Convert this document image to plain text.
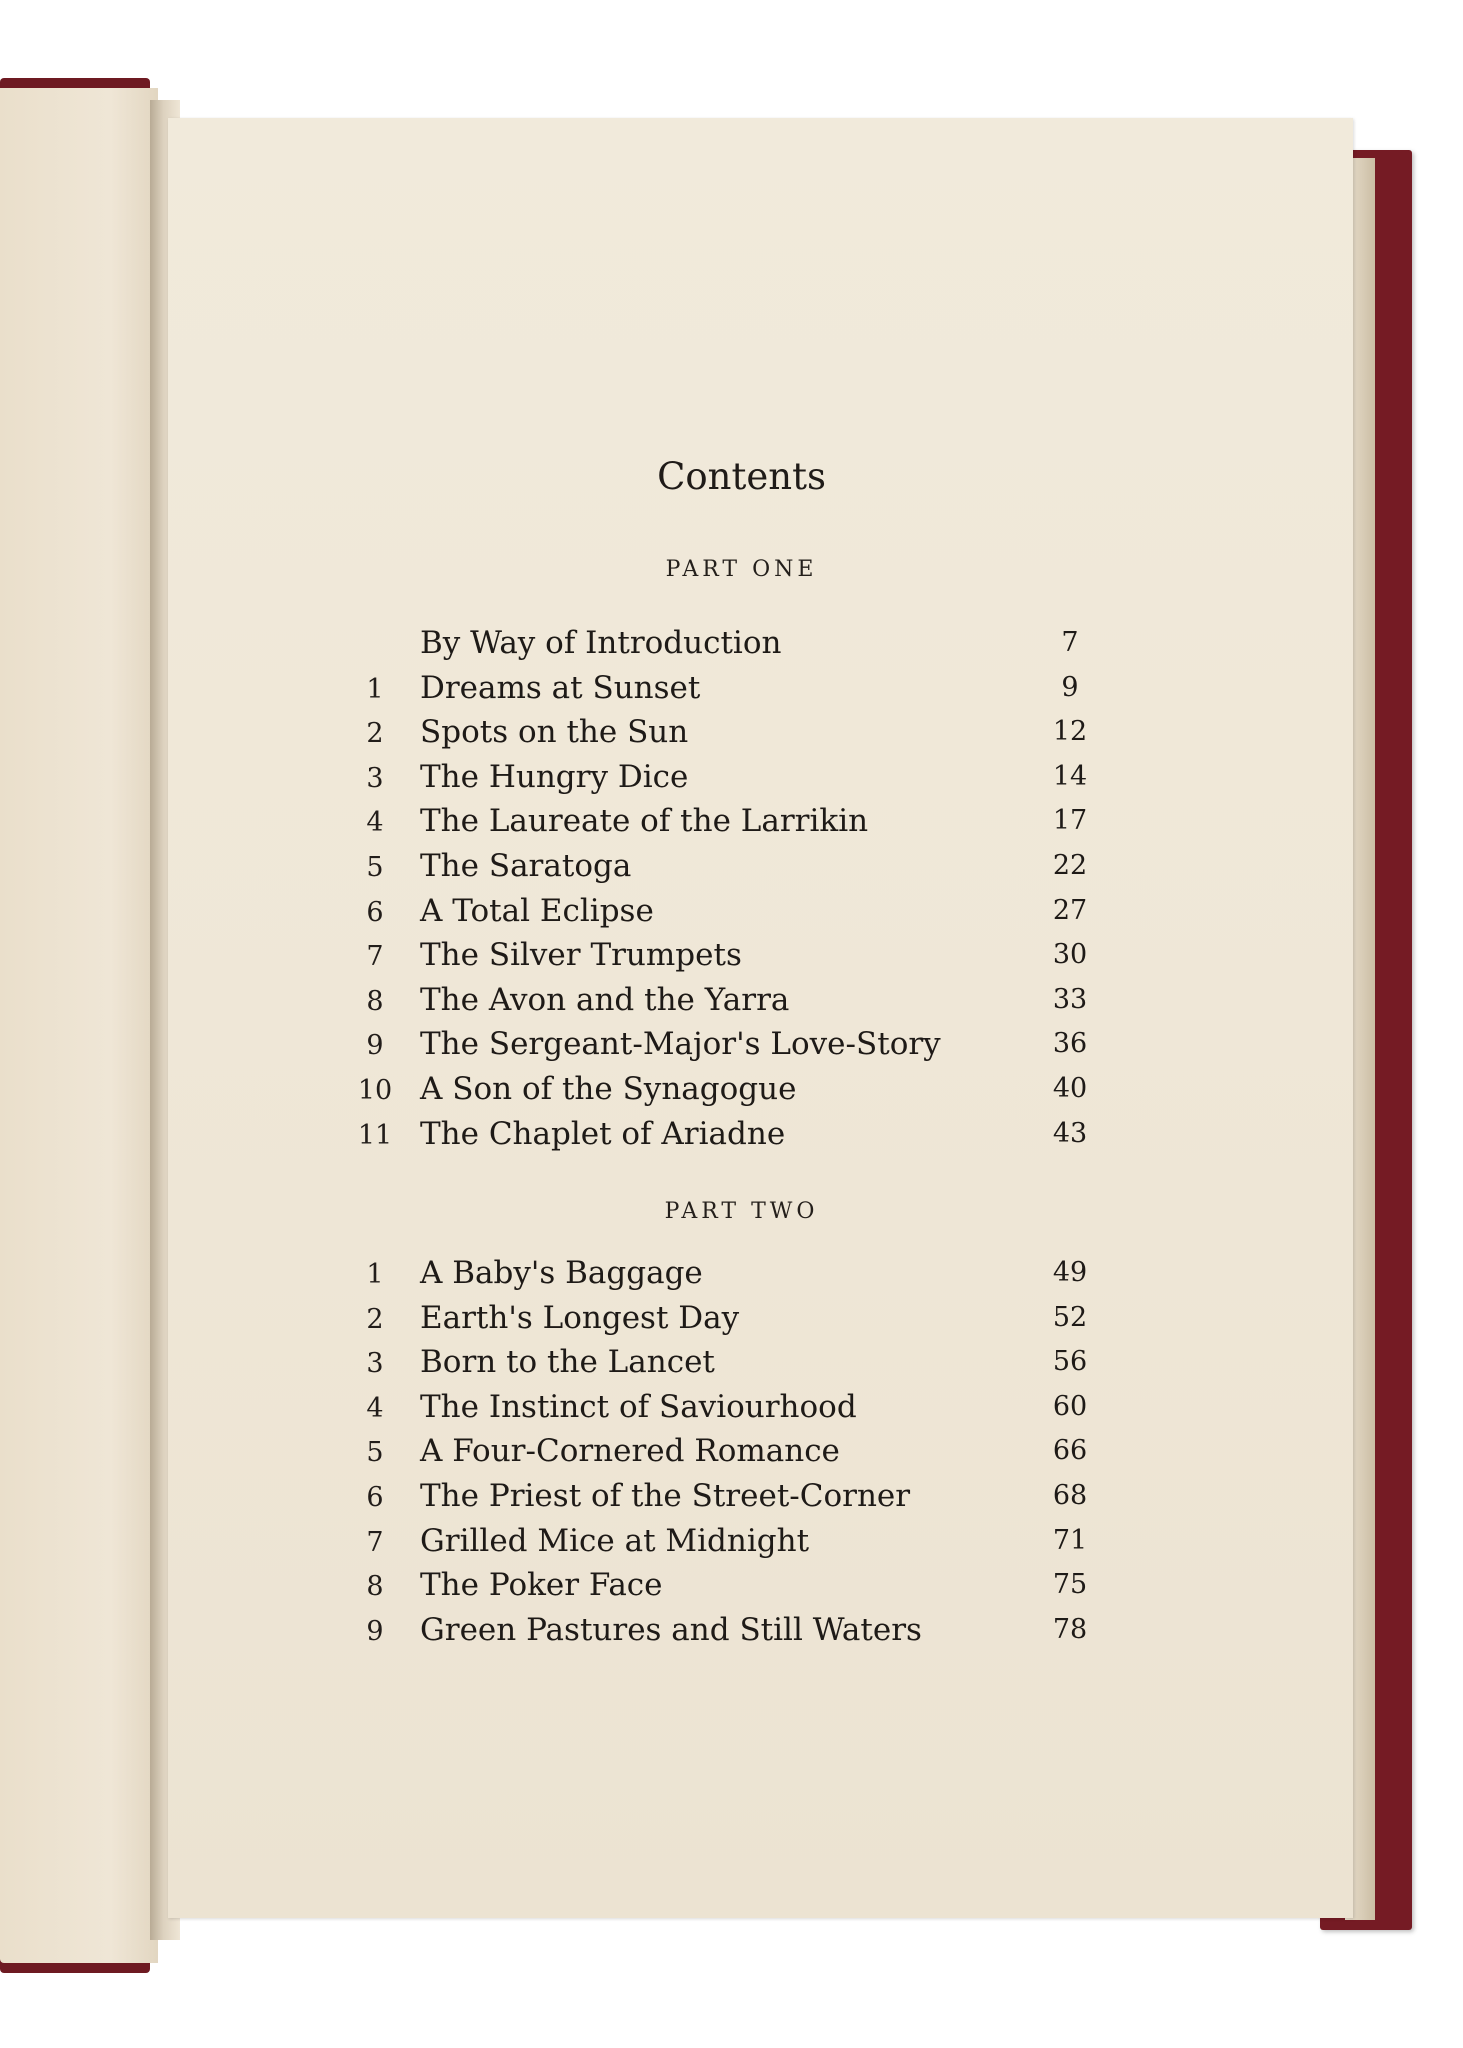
Contents
PART ONE
By Way of Introduction	7
1	Dreams at Sunset	9
2	Spots on the Sun	12
3	The Hungry Dice	14
4	The Laureate of the Larrikin	17
5	The Saratoga	22
6	A Total Eclipse	27
7	The Silver Trumpets	30
8	The Avon and the Yarra	33
9	The Sergeant-Major's Love-Story	36
10 A Son of the Synagogue	40
11 The Chaplet of Ariadne	43
PART TWO
1	A Baby's Baggage	49
2	Earth's Longest Day	52
3	Born to the Lancet	56
4	The Instinct of Saviourhood	60
5	A Four-Cornered Romance	66
6	The Priest of the Street-Corner	68
7	Grilled Mice at Midnight	71
8	The Poker Face	75
9	Green Pastures and Still Waters	78
